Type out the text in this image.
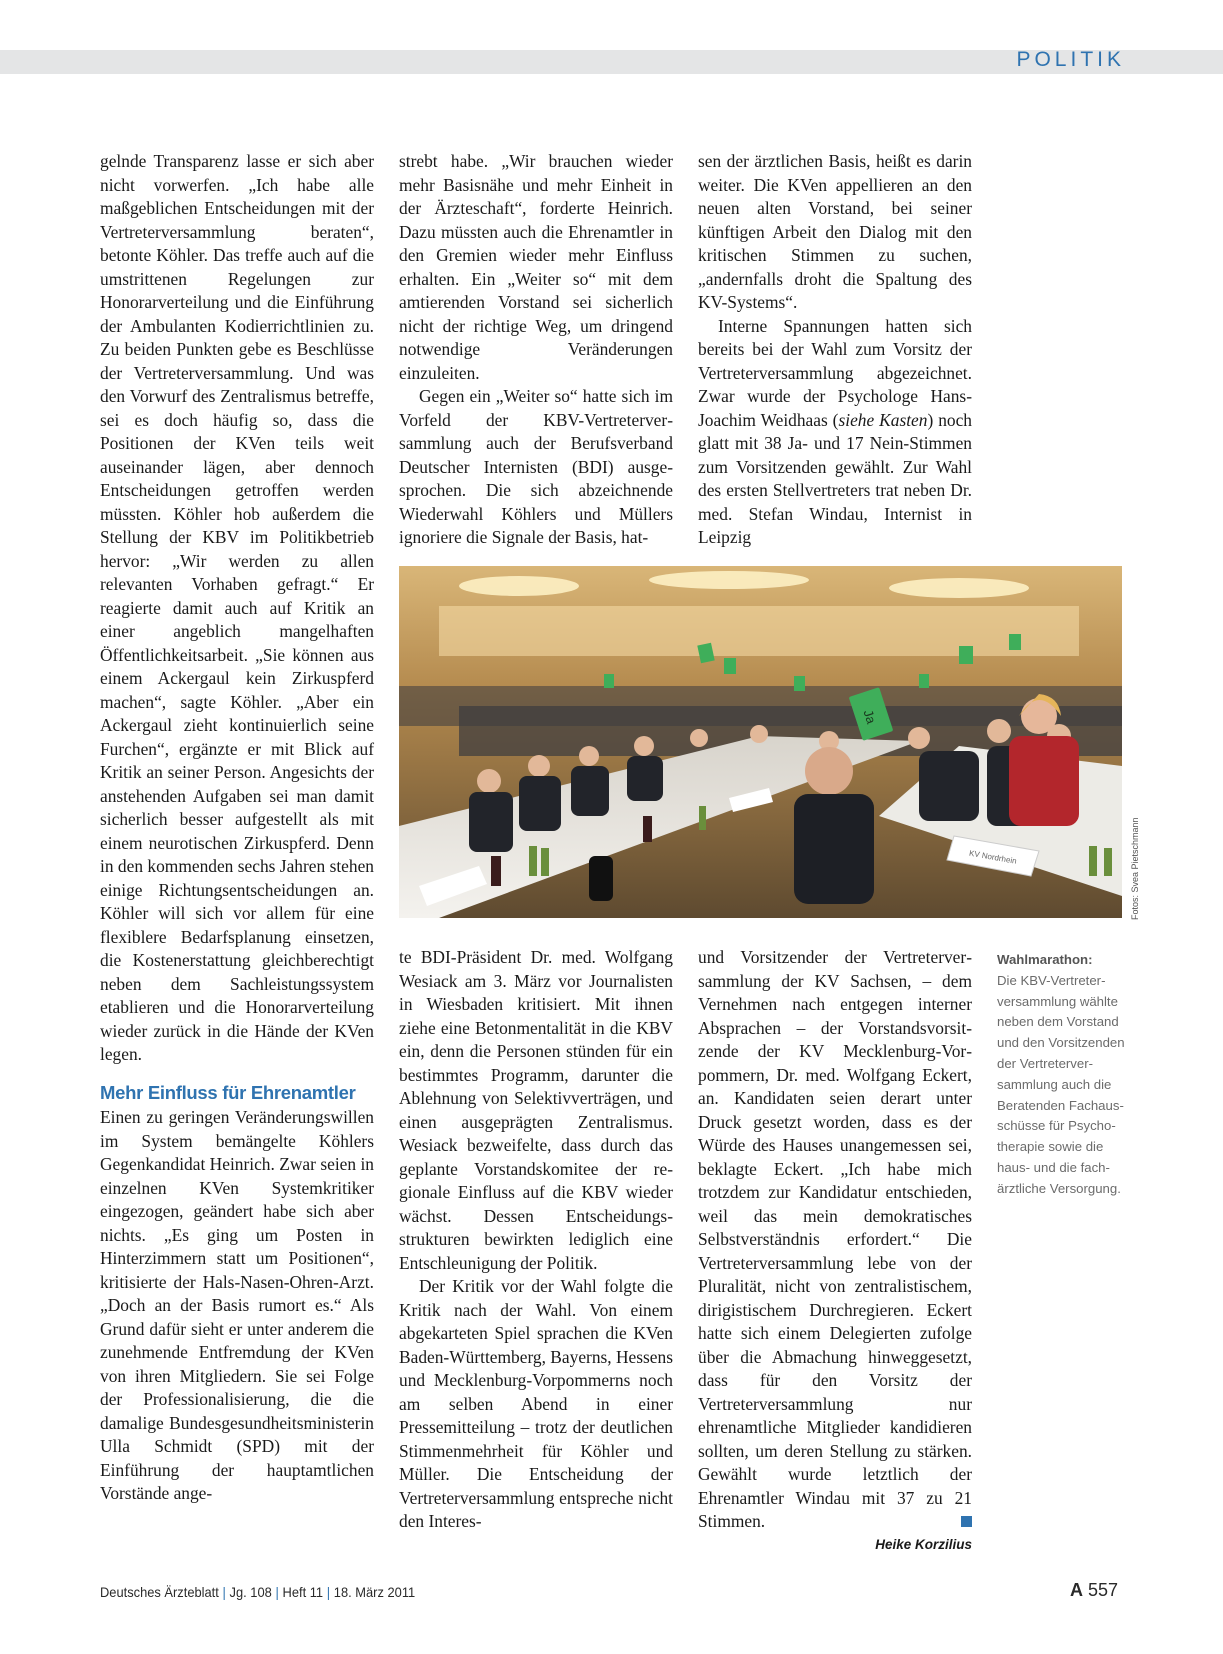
POLITIK

gelnde Transparenz lasse er sich aber nicht vorwerfen. „Ich habe alle maßgeblichen Entscheidungen mit der Vertreterversammlung beraten“, betonte Köhler. Das treffe auch auf die umstrittenen Regelungen zur Honorarverteilung und die Einführung der Ambulanten Kodierrichtlinien zu. Zu beiden Punkten gebe es Beschlüsse der Vertreterversammlung. Und was den Vorwurf des Zentralismus betreffe, sei es doch häufig so, dass die Positionen der KVen teils weit auseinander lägen, aber dennoch Entscheidungen getroffen werden müssten. Köhler hob außerdem die Stellung der KBV im Politikbetrieb hervor: „Wir werden zu allen relevanten Vorhaben gefragt.“ Er reagierte damit auch auf Kritik an einer angeblich mangelhaften Öffentlichkeitsarbeit. „Sie können aus einem Ackergaul kein Zirkuspferd machen“, sagte Köhler. „Aber ein Ackergaul zieht kontinuierlich seine Furchen“, ergänzte er mit Blick auf Kritik an seiner Person. Angesichts der anstehenden Aufgaben sei man damit sicherlich besser aufgestellt als mit einem neurotischen Zirkuspferd. Denn in den kommenden sechs Jahren stehen einige Richtungsentscheidungen an. Köhler will sich vor allem für eine flexiblere Bedarfsplanung einsetzen, die Kostenerstattung gleichberechtigt neben dem Sachleistungssystem etablieren und die Honorarverteilung wieder zurück in die Hände der KVen legen.

Mehr Einfluss für Ehrenamtler

Einen zu geringen Veränderungswillen im System bemängelte Köhlers Gegenkandidat Heinrich. Zwar seien in einzelnen KVen Systemkritiker eingezogen, geändert habe sich aber nichts. „Es ging um Posten in Hinterzimmern statt um Positionen“, kritisierte der Hals-Nasen-Ohren-Arzt. „Doch an der Basis rumort es.“ Als Grund dafür sieht er unter anderem die zunehmende Entfremdung der KVen von ihren Mitgliedern. Sie sei Folge der Professionalisierung, die die damalige Bundesgesundheitsministerin Ulla Schmidt (SPD) mit der Einführung der hauptamtlichen Vorstände ange-

strebt habe. „Wir brauchen wieder mehr Basisnähe und mehr Einheit in der Ärzteschaft“, forderte Heinrich. Dazu müssten auch die Ehrenamtler in den Gremien wieder mehr Einfluss erhalten. Ein „Weiter so“ mit dem amtierenden Vorstand sei sicherlich nicht der richtige Weg, um dringend notwendige Veränderungen einzuleiten.

Gegen ein „Weiter so“ hatte sich im Vorfeld der KBV-Vertreterversammlung auch der Berufsverband Deutscher Internisten (BDI) ausgesprochen. Die sich abzeichnende Wiederwahl Köhlers und Müllers ignoriere die Signale der Basis, hat-

sen der ärztlichen Basis, heißt es darin weiter. Die KVen appellieren an den neuen alten Vorstand, bei seiner künftigen Arbeit den Dialog mit den kritischen Stimmen zu suchen, „andernfalls droht die Spaltung des KV-Systems“.

Interne Spannungen hatten sich bereits bei der Wahl zum Vorsitz der Vertreterversammlung abgezeichnet. Zwar wurde der Psychologe Hans-Joachim Weidhaas (siehe Kasten) noch glatt mit 38 Ja- und 17 Nein-Stimmen zum Vorsitzenden gewählt. Zur Wahl des ersten Stellvertreters trat neben Dr. med. Stefan Windau, Internist in Leipzig

Ja
KV Nordrhein	Fotos: Svea Pietschmann
Wahlmarathon:
Die KBV-Vertreterversammlung wählte neben dem Vorstand und den Vorsitzenden der Vertreterversammlung auch die Beratenden Fachausschüsse für Psychotherapie sowie die haus- und die fachärztliche Versorgung.

te BDI-Präsident Dr. med. Wolfgang Wesiack am 3. März vor Journalisten in Wiesbaden kritisiert. Mit ihnen ziehe eine Betonmentalität in die KBV ein, denn die Personen stünden für ein bestimmtes Programm, darunter die Ablehnung von Selektivverträgen, und einen ausgeprägten Zentralismus. Wesiack bezweifelte, dass durch das geplante Vorstandskomitee der regionale Einfluss auf die KBV wieder wächst. Dessen Entscheidungsstrukturen bewirkten lediglich eine Entschleunigung der Politik.

Der Kritik vor der Wahl folgte die Kritik nach der Wahl. Von einem abgekarteten Spiel sprachen die KVen Baden-Württemberg, Bayerns, Hessens und Mecklenburg-Vorpommerns noch am selben Abend in einer Pressemitteilung – trotz der deutlichen Stimmenmehrheit für Köhler und Müller. Die Entscheidung der Vertreterversammlung entspreche nicht den Interes-

und Vorsitzender der Vertreterversammlung der KV Sachsen, – dem Vernehmen nach entgegen interner Absprachen – der Vorstandsvorsitzende der KV Mecklenburg-Vorpommern, Dr. med. Wolfgang Eckert, an. Kandidaten seien derart unter Druck gesetzt worden, dass es der Würde des Hauses unangemessen sei, beklagte Eckert. „Ich habe mich trotzdem zur Kandidatur entschieden, weil das mein demokratisches Selbstverständnis erfordert.“ Die Vertreterversammlung lebe von der Pluralität, nicht von zentralistischem, dirigistischem Durchregieren. Eckert hatte sich einem Delegierten zufolge über die Abmachung hinweggesetzt, dass für den Vorsitz der Vertreterversammlung nur ehrenamtliche Mitglieder kandidieren sollten, um deren Stellung zu stärken. Gewählt wurde letztlich der Ehrenamtler Windau mit 37 zu 21 Stimmen.

Heike Korzilius
Deutsches Ärzteblatt | Jg. 108 | Heft 11 | 18. März 2011	A 557
